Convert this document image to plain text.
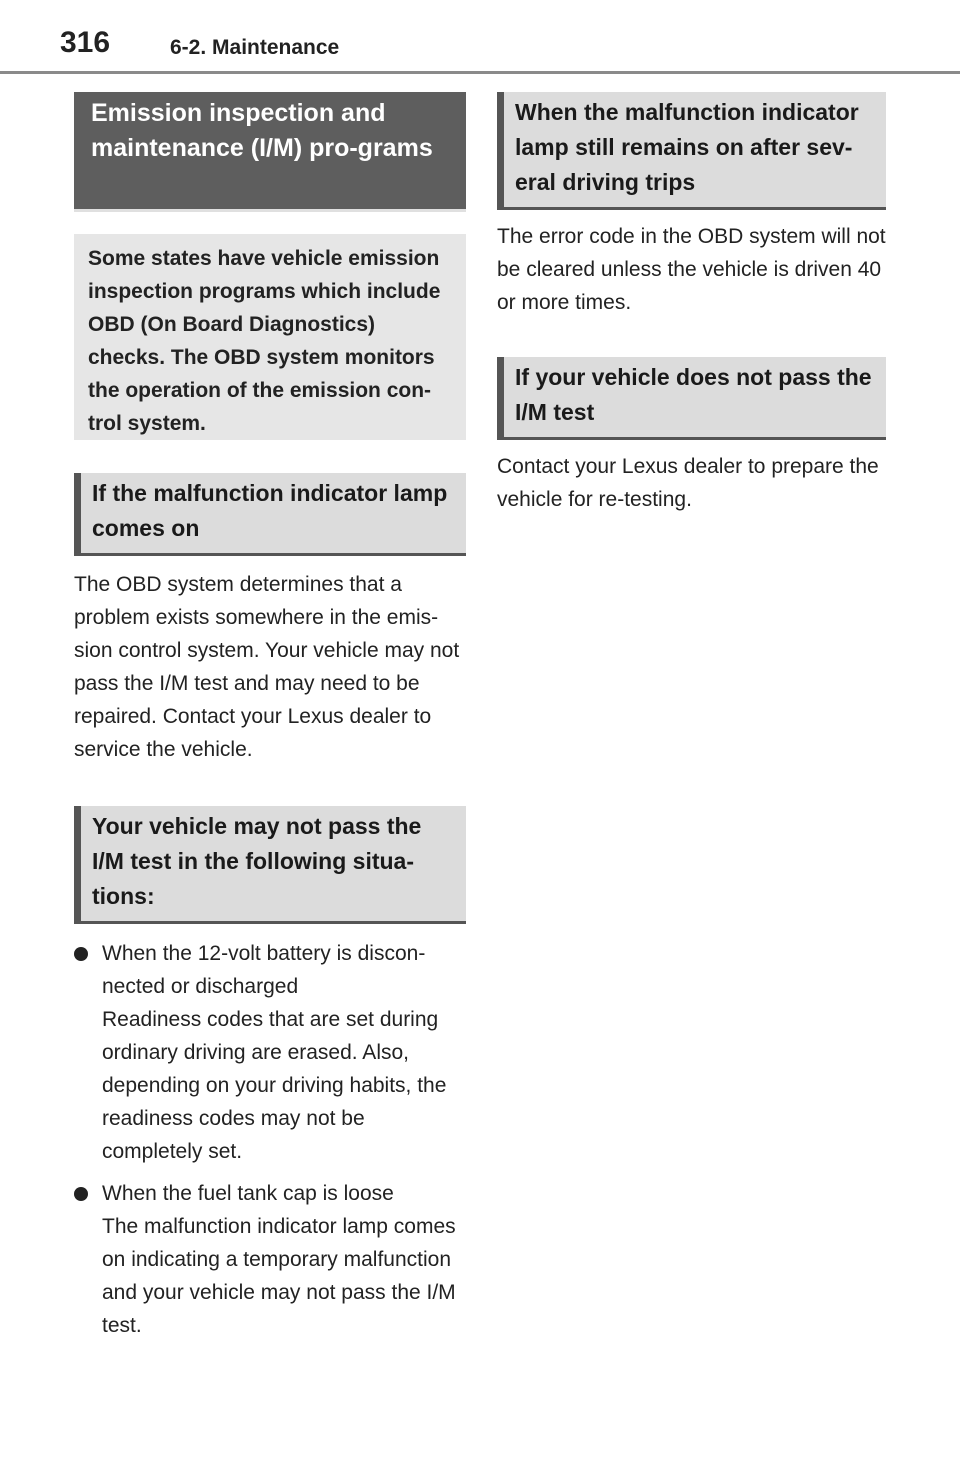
316	6-2. Maintenance
Emission inspection and maintenance (I/M) pro-grams
Some states have vehicle emission inspection programs which include OBD (On Board Diagnostics) checks. The OBD system monitors the operation of the emission con-trol system.
If the malfunction indicator lamp comes on
The OBD system determines that a problem exists somewhere in the emis-sion control system. Your vehicle may not pass the I/M test and may need to be repaired. Contact your Lexus dealer to service the vehicle.
Your vehicle may not pass the I/M test in the following situa-tions:
When the 12-volt battery is discon-nected or discharged
Readiness codes that are set during ordinary driving are erased. Also, depending on your driving habits, the readiness codes may not be completely set.
When the fuel tank cap is loose
The malfunction indicator lamp comes on indicating a temporary malfunction and your vehicle may not pass the I/M test.
When the malfunction indicator lamp still remains on after sev-eral driving trips
The error code in the OBD system will not be cleared unless the vehicle is driven 40 or more times.
If your vehicle does not pass the I/M test
Contact your Lexus dealer to prepare the vehicle for re-testing.
